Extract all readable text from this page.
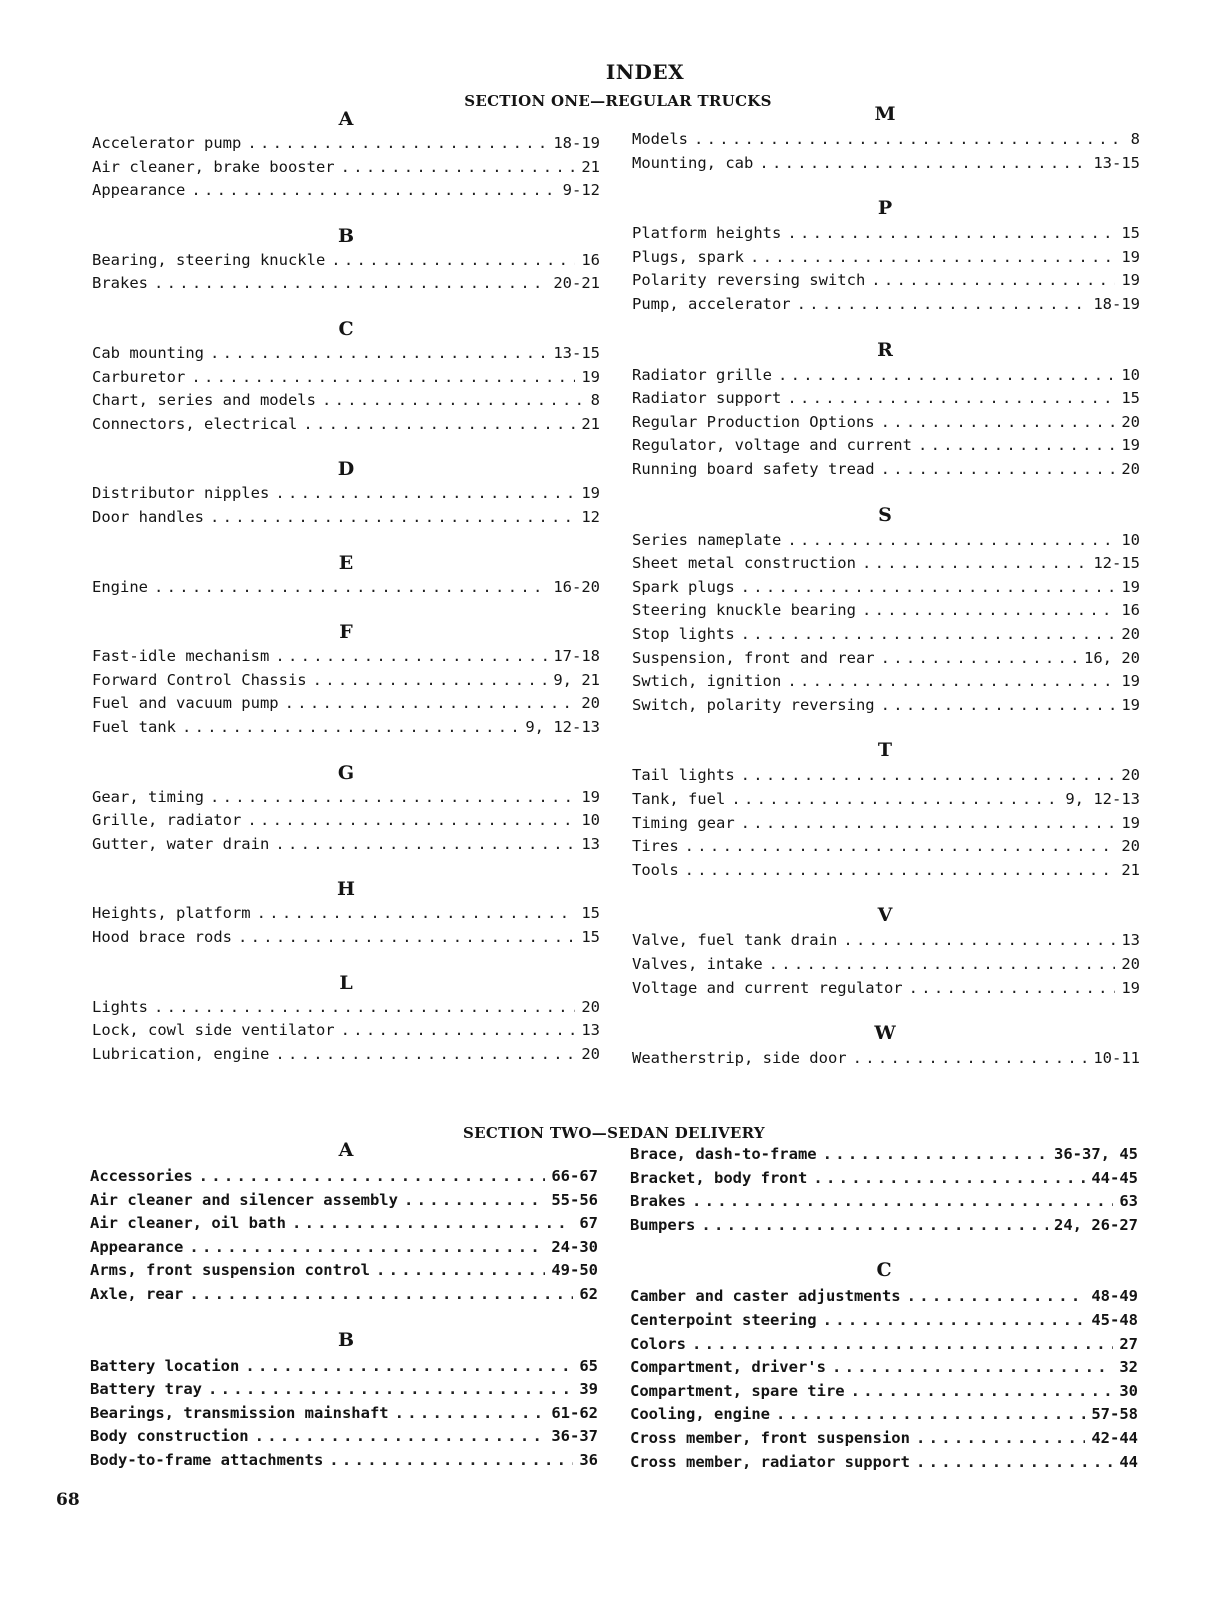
INDEX
SECTION ONE—REGULAR TRUCKS
A
Accelerator pump .....	18-19
Air cleaner, brake booster .....	21
Appearance .....	9-12
B
Bearing, steering knuckle .....	16
Brakes .....	20-21
C
Cab mounting .....	13-15
Carburetor .....	19
Chart, series and models .....	8
Connectors, electrical .....	21
D
Distributor nipples .....	19
Door handles .....	12
E
Engine .....	16-20
F
Fast-idle mechanism .....	17-18
Forward Control Chassis .....	9, 21
Fuel and vacuum pump .....	20
Fuel tank .....	9, 12-13
G
Gear, timing .....	19
Grille, radiator .....	10
Gutter, water drain .....	13
H
Heights, platform .....	15
Hood brace rods .....	15
L
Lights .....	20
Lock, cowl side ventilator .....	13
Lubrication, engine .....	20
M
Models .....	8
Mounting, cab .....	13-15
P
Platform heights .....	15
Plugs, spark .....	19
Polarity reversing switch .....	19
Pump, accelerator .....	18-19
R
Radiator grille .....	10
Radiator support .....	15
Regular Production Options .....	20
Regulator, voltage and current .....	19
Running board safety tread .....	20
S
Series nameplate .....	10
Sheet metal construction .....	12-15
Spark plugs .....	19
Steering knuckle bearing .....	16
Stop lights .....	20
Suspension, front and rear .....	16, 20
Swtich, ignition .....	19
Switch, polarity reversing .....	19
T
Tail lights .....	20
Tank, fuel .....	9, 12-13
Timing gear .....	19
Tires .....	20
Tools .....	21
V
Valve, fuel tank drain .....	13
Valves, intake .....	20
Voltage and current regulator .....	19
W
Weatherstrip, side door .....	10-11
SECTION TWO—SEDAN DELIVERY
A
Accessories .....	66-67
Air cleaner and silencer assembly .....	55-56
Air cleaner, oil bath .....	67
Appearance .....	24-30
Arms, front suspension control .....	49-50
Axle, rear .....	62
B
Battery location .....	65
Battery tray .....	39
Bearings, transmission mainshaft .....	61-62
Body construction .....	36-37
Body-to-frame attachments .....	36
Brace, dash-to-frame .....	36-37, 45
Bracket, body front .....	44-45
Brakes .....	63
Bumpers .....	24, 26-27
C
Camber and caster adjustments .....	48-49
Centerpoint steering .....	45-48
Colors .....	27
Compartment, driver's .....	32
Compartment, spare tire .....	30
Cooling, engine .....	57-58
Cross member, front suspension .....	42-44
Cross member, radiator support .....	44
68
